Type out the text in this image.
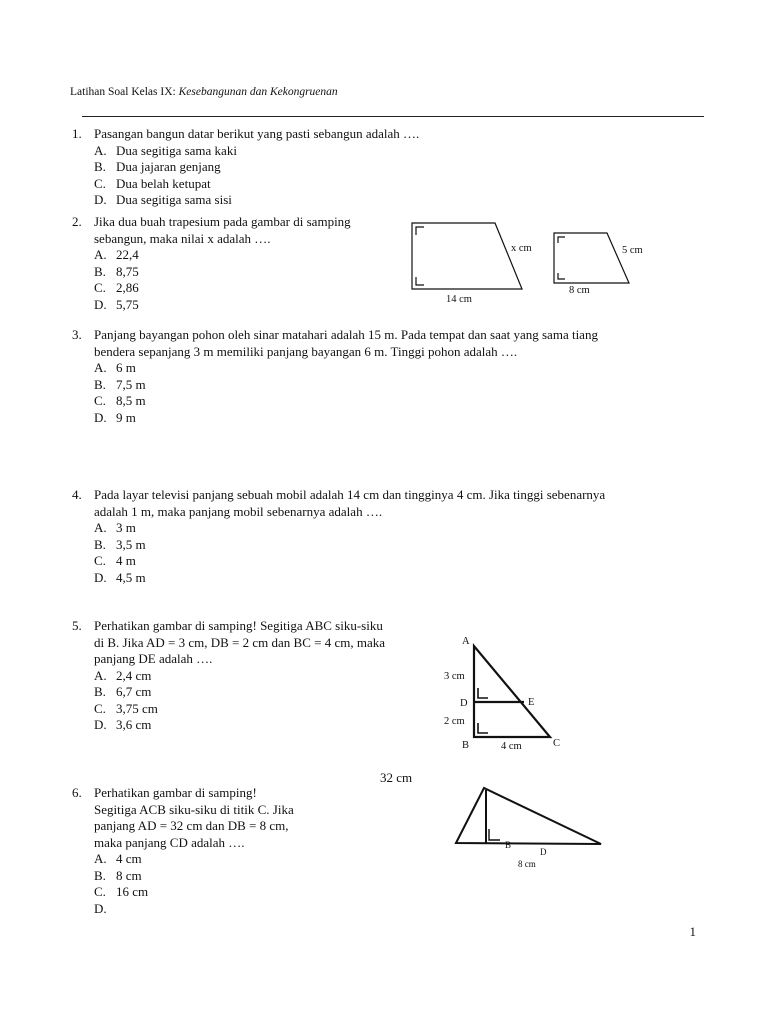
Latihan Soal Kelas IX: Kesebangunan dan Kekongruenan
1. Pasangan bangun datar berikut yang pasti sebangun adalah ….
A. Dua segitiga sama kaki
B. Dua jajaran genjang
C. Dua belah ketupat
D. Dua segitiga sama sisi
2. Jika dua buah trapesium pada gambar di samping
sebangun, maka nilai x adalah ….
A. 22,4
B. 8,75
C. 2,86
D. 5,75
x cm
14 cm
5 cm
8 cm
3. Panjang bayangan pohon oleh sinar matahari adalah 15 m. Pada tempat dan saat yang sama tiang
bendera sepanjang 3 m memiliki panjang bayangan 6 m. Tinggi pohon adalah ….
A. 6 m
B. 7,5 m
C. 8,5 m
D. 9 m
4. Pada layar televisi panjang sebuah mobil adalah 14 cm dan tingginya 4 cm. Jika tinggi sebenarnya
adalah 1 m, maka panjang mobil sebenarnya adalah ….
A. 3 m
B. 3,5 m
C. 4 m
D. 4,5 m
5. Perhatikan gambar di samping! Segitiga ABC siku-siku
di B. Jika AD = 3 cm, DB = 2 cm dan BC = 4 cm, maka
panjang DE adalah ….
A. 2,4 cm
B. 6,7 cm
C. 3,75 cm
D. 3,6 cm
A
D	E
B	C
3 cm
2 cm
4 cm
6. Perhatikan gambar di samping!
Segitiga ACB siku-siku di titik C. Jika
panjang AD = 32 cm dan DB = 8 cm,
maka panjang CD adalah ….
A. 4 cm
B. 8 cm
C. 16 cm
D.
32 cm
B
D
8 cm
1
